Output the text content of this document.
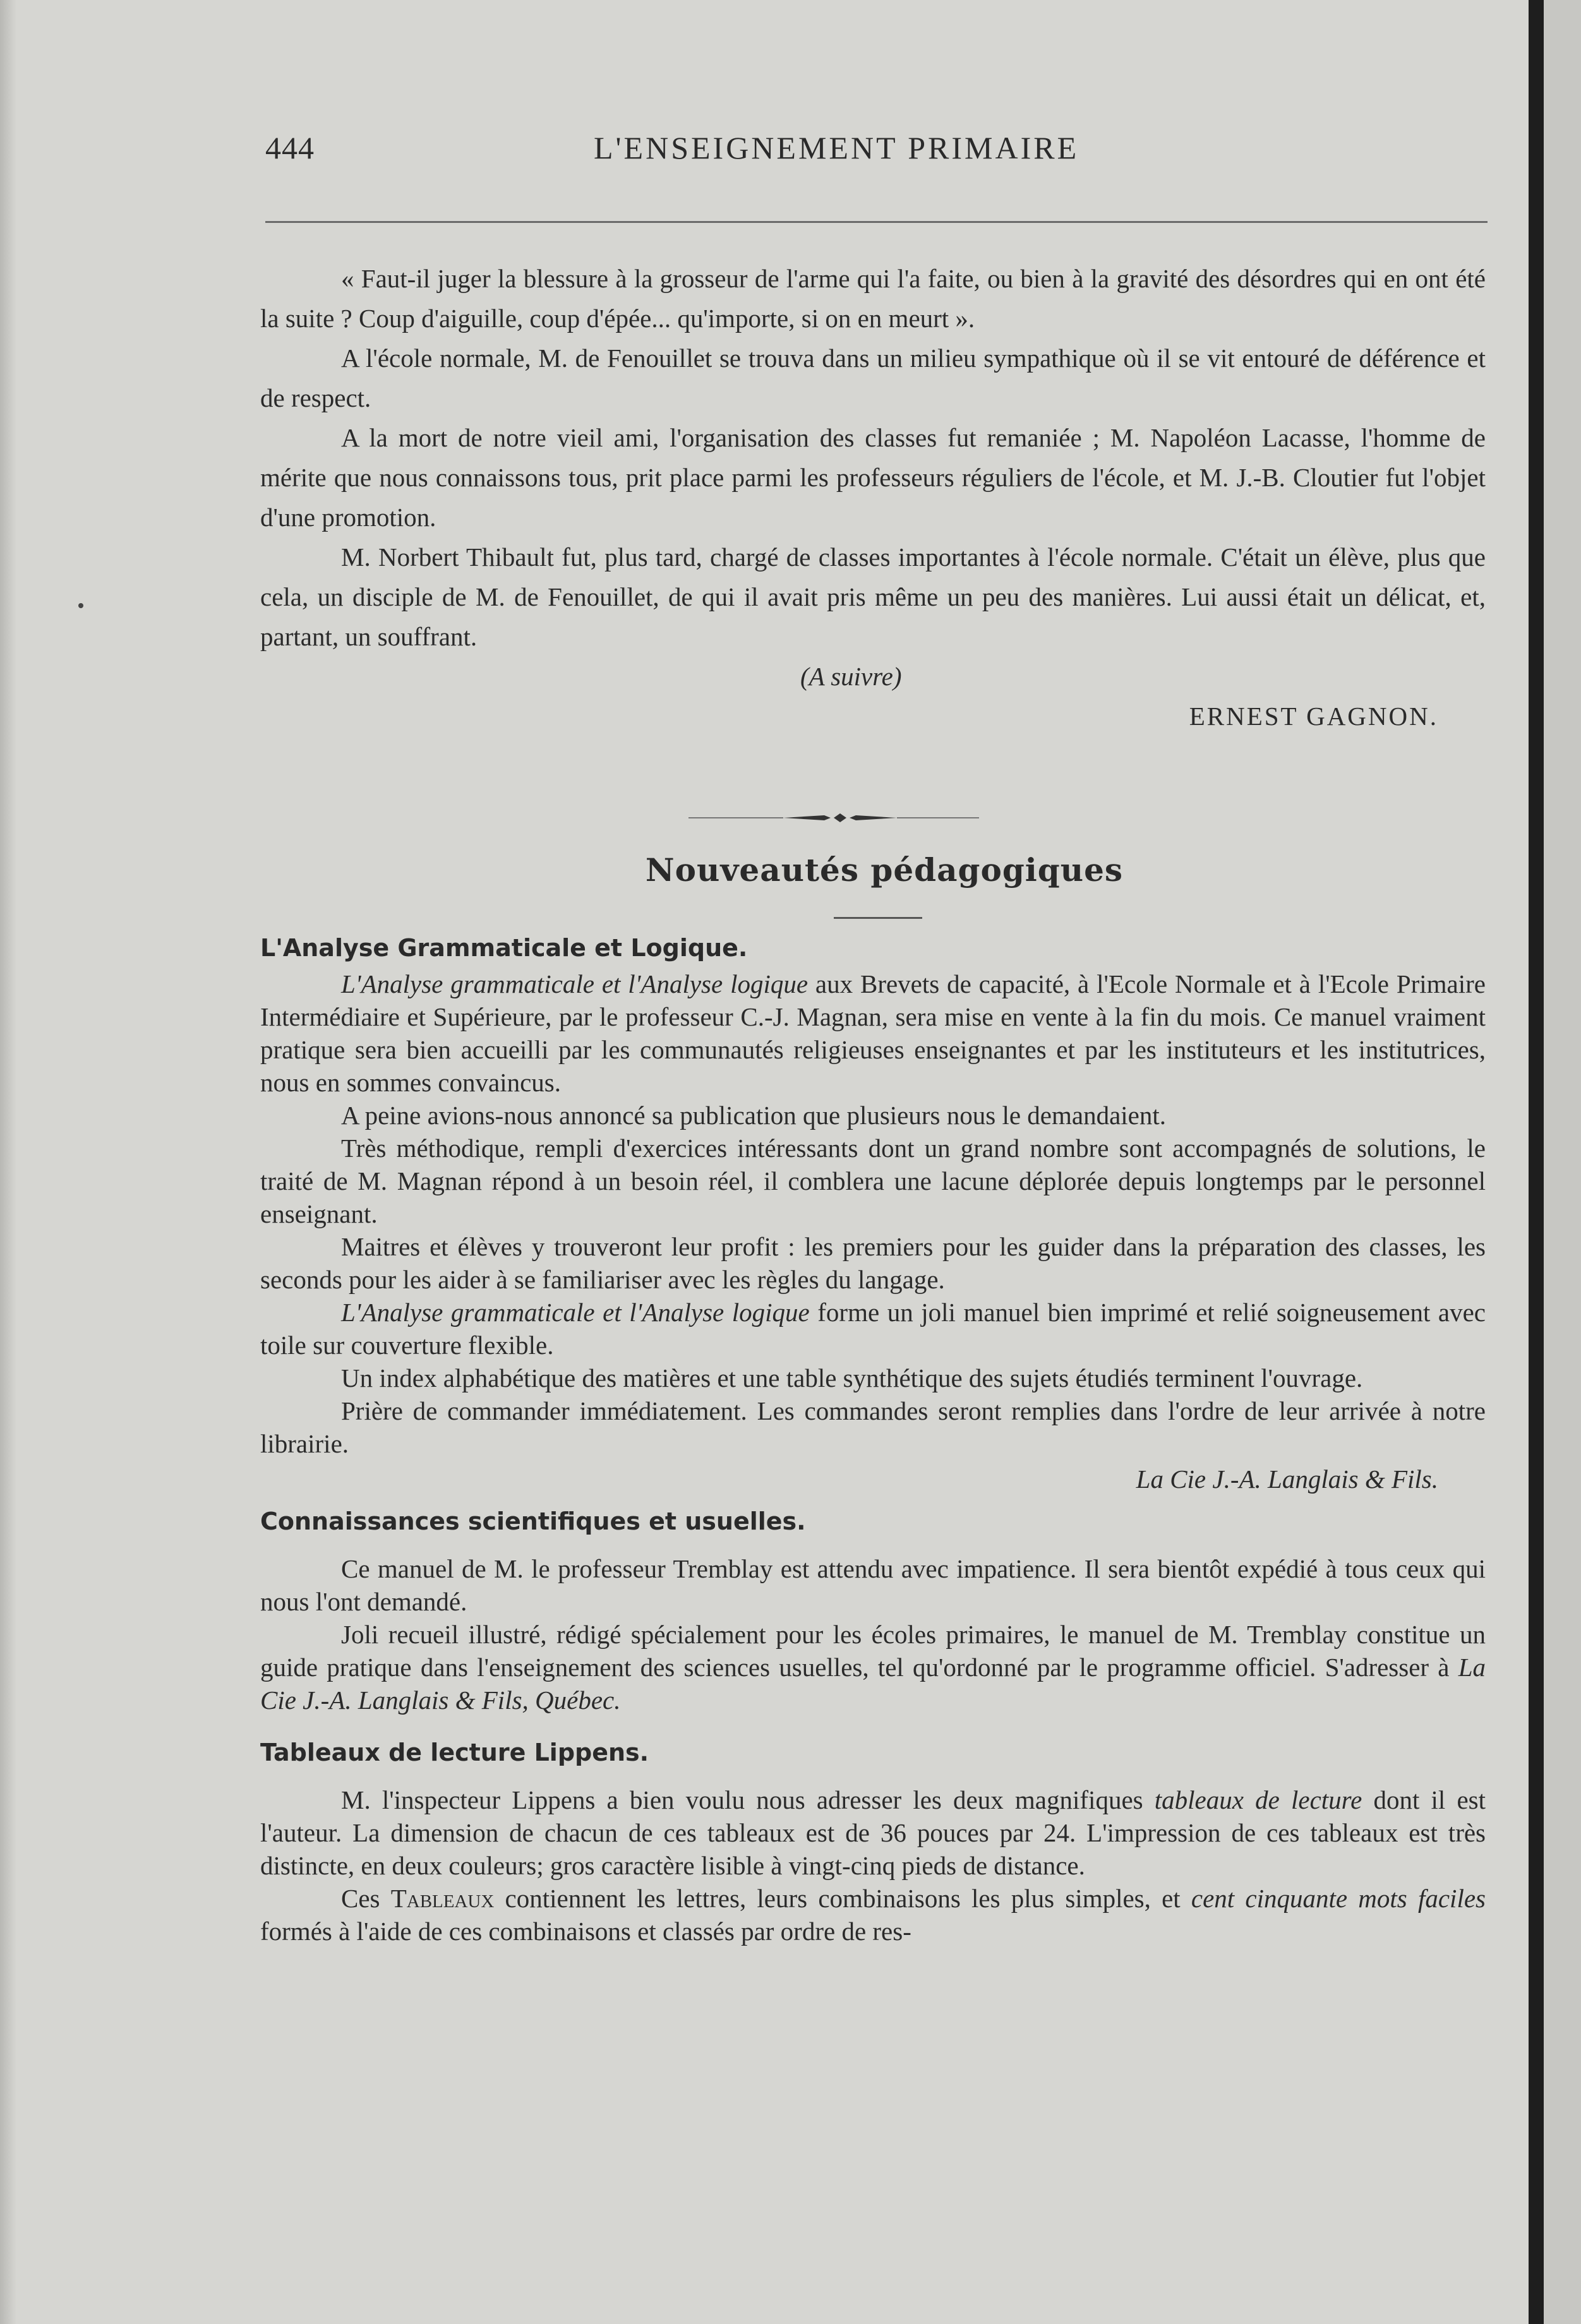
444	L'ENSEIGNEMENT PRIMAIRE

« Faut-il juger la blessure à la grosseur de l'arme qui l'a faite, ou bien à la gravité des désordres qui en ont été la suite ? Coup d'aiguille, coup d'épée... qu'importe, si on en meurt ».

A l'école normale, M. de Fenouillet se trouva dans un milieu sympathique où il se vit entouré de déférence et de respect.

A la mort de notre vieil ami, l'organisation des classes fut remaniée ; M. Napoléon Lacasse, l'homme de mérite que nous connaissons tous, prit place parmi les professeurs réguliers de l'école, et M. J.-B. Cloutier fut l'objet d'une promotion.

M. Norbert Thibault fut, plus tard, chargé de classes importantes à l'école normale. C'était un élève, plus que cela, un disciple de M. de Fenouillet, de qui il avait pris même un peu des manières. Lui aussi était un délicat, et, partant, un souffrant.

(A suivre)
ERNEST GAGNON.
Nouveautés pédagogiques

L'Analyse Grammaticale et Logique.

L'Analyse grammaticale et l'Analyse logique aux Brevets de capacité, à l'Ecole Normale et à l'Ecole Primaire Intermédiaire et Supérieure, par le professeur C.-J. Magnan, sera mise en vente à la fin du mois. Ce manuel vraiment pratique sera bien accueilli par les communautés religieuses enseignantes et par les instituteurs et les institutrices, nous en sommes convaincus.

A peine avions-nous annoncé sa publication que plusieurs nous le demandaient.

Très méthodique, rempli d'exercices intéressants dont un grand nombre sont accompagnés de solutions, le traité de M. Magnan répond à un besoin réel, il comblera une lacune déplorée depuis longtemps par le personnel enseignant.

Maitres et élèves y trouveront leur profit : les premiers pour les guider dans la préparation des classes, les seconds pour les aider à se familiariser avec les règles du langage.

L'Analyse grammaticale et l'Analyse logique forme un joli manuel bien imprimé et relié soigneusement avec toile sur couverture flexible.

Un index alphabétique des matières et une table synthétique des sujets étudiés terminent l'ouvrage.

Prière de commander immédiatement. Les commandes seront remplies dans l'ordre de leur arrivée à notre librairie.

La Cie J.-A. Langlais & Fils.

Connaissances scientifiques et usuelles.

Ce manuel de M. le professeur Tremblay est attendu avec impatience. Il sera bientôt expédié à tous ceux qui nous l'ont demandé.

Joli recueil illustré, rédigé spécialement pour les écoles primaires, le manuel de M. Tremblay constitue un guide pratique dans l'enseignement des sciences usuelles, tel qu'ordonné par le programme officiel. S'adresser à La Cie J.-A. Langlais & Fils, Québec.

Tableaux de lecture Lippens.

M. l'inspecteur Lippens a bien voulu nous adresser les deux magnifiques tableaux de lecture dont il est l'auteur. La dimension de chacun de ces tableaux est de 36 pouces par 24. L'impression de ces tableaux est très distincte, en deux couleurs; gros caractère lisible à vingt-cinq pieds de distance.

Ces Tableaux contiennent les lettres, leurs combinaisons les plus simples, et cent cinquante mots faciles formés à l'aide de ces combinaisons et classés par ordre de res-
